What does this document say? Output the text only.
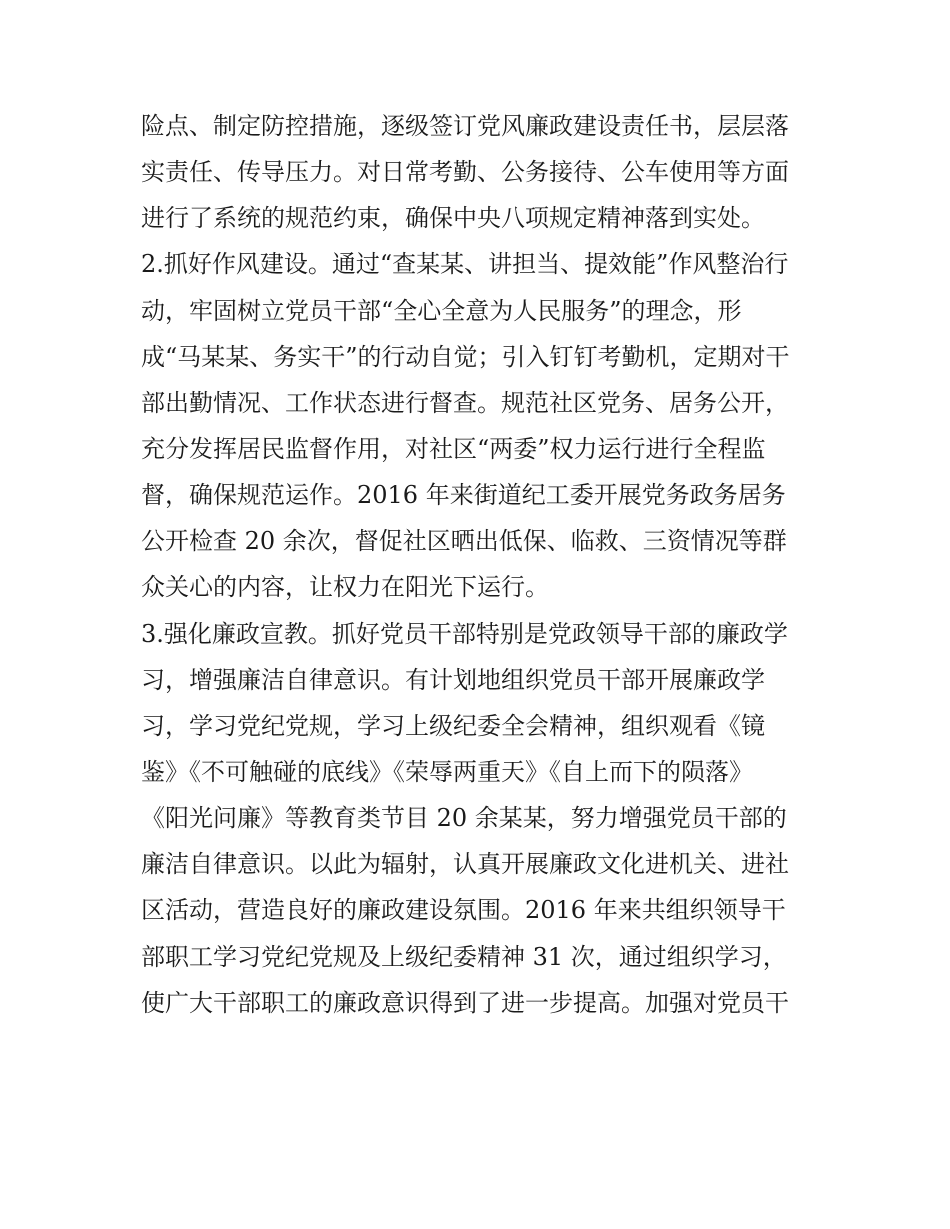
险点、制定防控措施，逐级签订党风廉政建设责任书，层层落
实责任、传导压力。对日常考勤、公务接待、公车使用等方面
进行了系统的规范约束，确保中央八项规定精神落到实处。
2.抓好作风建设。通过“查某某、讲担当、提效能”作风整治行
动，牢固树立党员干部“全心全意为人民服务”的理念，形
成“马某某、务实干”的行动自觉；引入钉钉考勤机，定期对干
部出勤情况、工作状态进行督查。规范社区党务、居务公开，
充分发挥居民监督作用，对社区“两委”权力运行进行全程监
督，确保规范运作。2016 年来街道纪工委开展党务政务居务
公开检查 20 余次，督促社区晒出低保、临救、三资情况等群
众关心的内容，让权力在阳光下运行。
3.强化廉政宣教。抓好党员干部特别是党政领导干部的廉政学
习，增强廉洁自律意识。有计划地组织党员干部开展廉政学
习，学习党纪党规，学习上级纪委全会精神，组织观看《镜
鉴》《不可触碰的底线》《荣辱两重天》《自上而下的陨落》
《阳光问廉》等教育类节目 20 余某某，努力增强党员干部的
廉洁自律意识。以此为辐射，认真开展廉政文化进机关、进社
区活动，营造良好的廉政建设氛围。2016 年来共组织领导干
部职工学习党纪党规及上级纪委精神 31 次，通过组织学习，
使广大干部职工的廉政意识得到了进一步提高。加强对党员干
